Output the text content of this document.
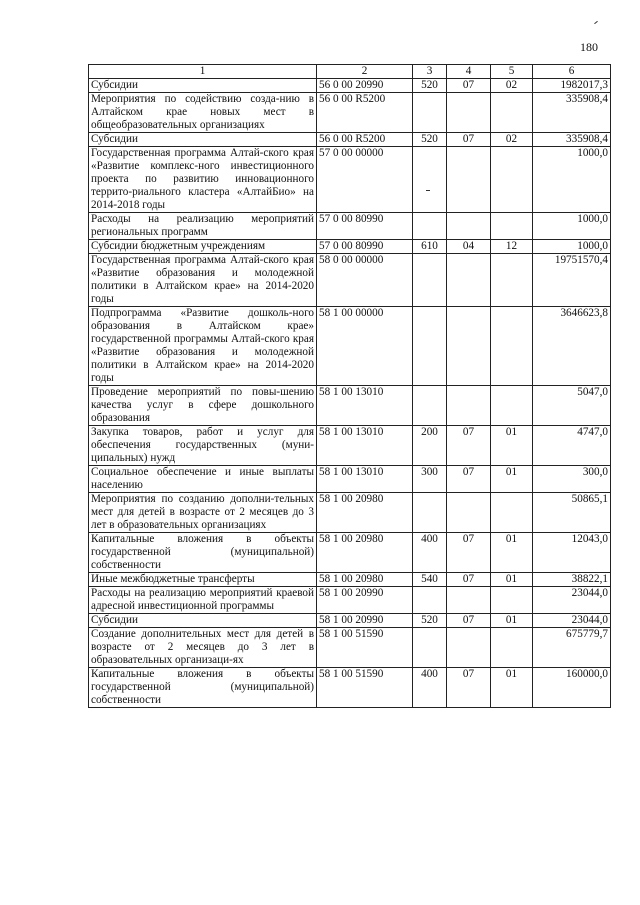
180
1	2	3	4	5	6
Субсидии	56 0 00 20990	520	07	02	1982017,3
Мероприятия по содействию созда-нию в Алтайском крае новых мест в общеобразовательных организациях	56 0 00 R5200				335908,4
Субсидии	56 0 00 R5200	520	07	02	335908,4
Государственная программа Алтай-ского края «Развитие комплекс-ного инвестиционного проекта по развитию инновационного террито-риального кластера «АлтайБио» на 2014-2018 годы	57 0 00 00000				1000,0
Расходы на реализацию мероприятий региональных программ	57 0 00 80990				1000,0
Субсидии бюджетным учреждениям	57 0 00 80990	610	04	12	1000,0
Государственная программа Алтай-ского края «Развитие образования и молодежной политики в Алтайском крае» на 2014-2020 годы	58 0 00 00000				19751570,4
Подпрограмма «Развитие дошколь-ного образования в Алтайском крае» государственной программы Алтай-ского края «Развитие образования и молодежной политики в Алтайском крае» на 2014-2020 годы	58 1 00 00000				3646623,8
Проведение мероприятий по повы-шению качества услуг в сфере дошкольного образования	58 1 00 13010				5047,0
Закупка товаров, работ и услуг для обеспечения государственных (муни-ципальных) нужд	58 1 00 13010	200	07	01	4747,0
Социальное обеспечение и иные выплаты населению	58 1 00 13010	300	07	01	300,0
Мероприятия по созданию дополни-тельных мест для детей в возрасте от 2 месяцев до 3 лет в образовательных организациях	58 1 00 20980				50865,1
Капитальные вложения в объекты государственной (муниципальной) собственности	58 1 00 20980	400	07	01	12043,0
Иные межбюджетные трансферты	58 1 00 20980	540	07	01	38822,1
Расходы на реализацию мероприятий краевой адресной инвестиционной программы	58 1 00 20990				23044,0
Субсидии	58 1 00 20990	520	07	01	23044,0
Создание дополнительных мест для детей в возрасте от 2 месяцев до 3 лет в образовательных организаци-ях	58 1 00 51590				675779,7
Капитальные вложения в объекты государственной (муниципальной) собственности	58 1 00 51590	400	07	01	160000,0
